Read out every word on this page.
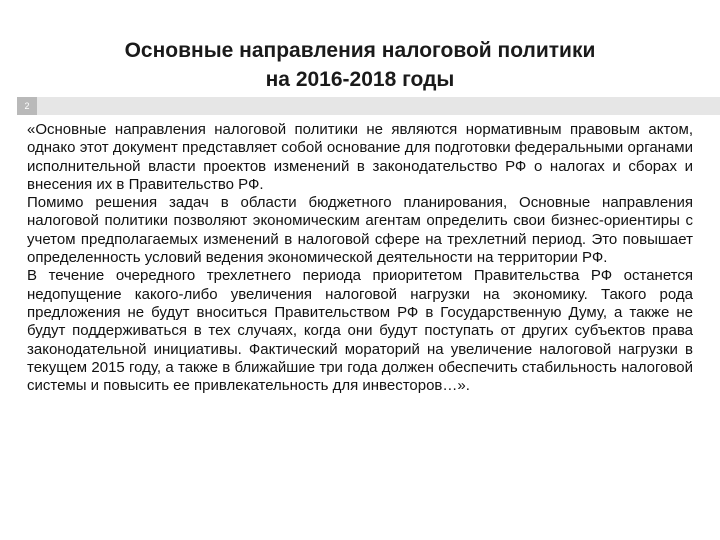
Основные направления налоговой политики
на 2016-2018 годы
2

«Основные направления налоговой политики не являются нормативным правовым актом, однако этот документ представляет собой основание для подготовки федеральными органами исполнительной власти проектов изменений в законодательство РФ о налогах и сборах и внесения их в Правительство РФ.

Помимо решения задач в области бюджетного планирования, Основные направления налоговой политики позволяют экономическим агентам определить свои бизнес-ориентиры с учетом предполагаемых изменений в налоговой сфере на трехлетний период. Это повышает определенность условий ведения экономической деятельности на территории РФ.

В течение очередного трехлетнего периода приоритетом Правительства РФ останется недопущение какого-либо увеличения налоговой нагрузки на экономику. Такого рода предложения не будут вноситься Правительством РФ в Государственную Думу, а также не будут поддерживаться в тех случаях, когда они будут поступать от других субъектов права законодательной инициативы. Фактический мораторий на увеличение налоговой нагрузки в текущем 2015 году, а также в ближайшие три года должен обеспечить стабильность налоговой системы и повысить ее привлекательность для инвесторов…».
